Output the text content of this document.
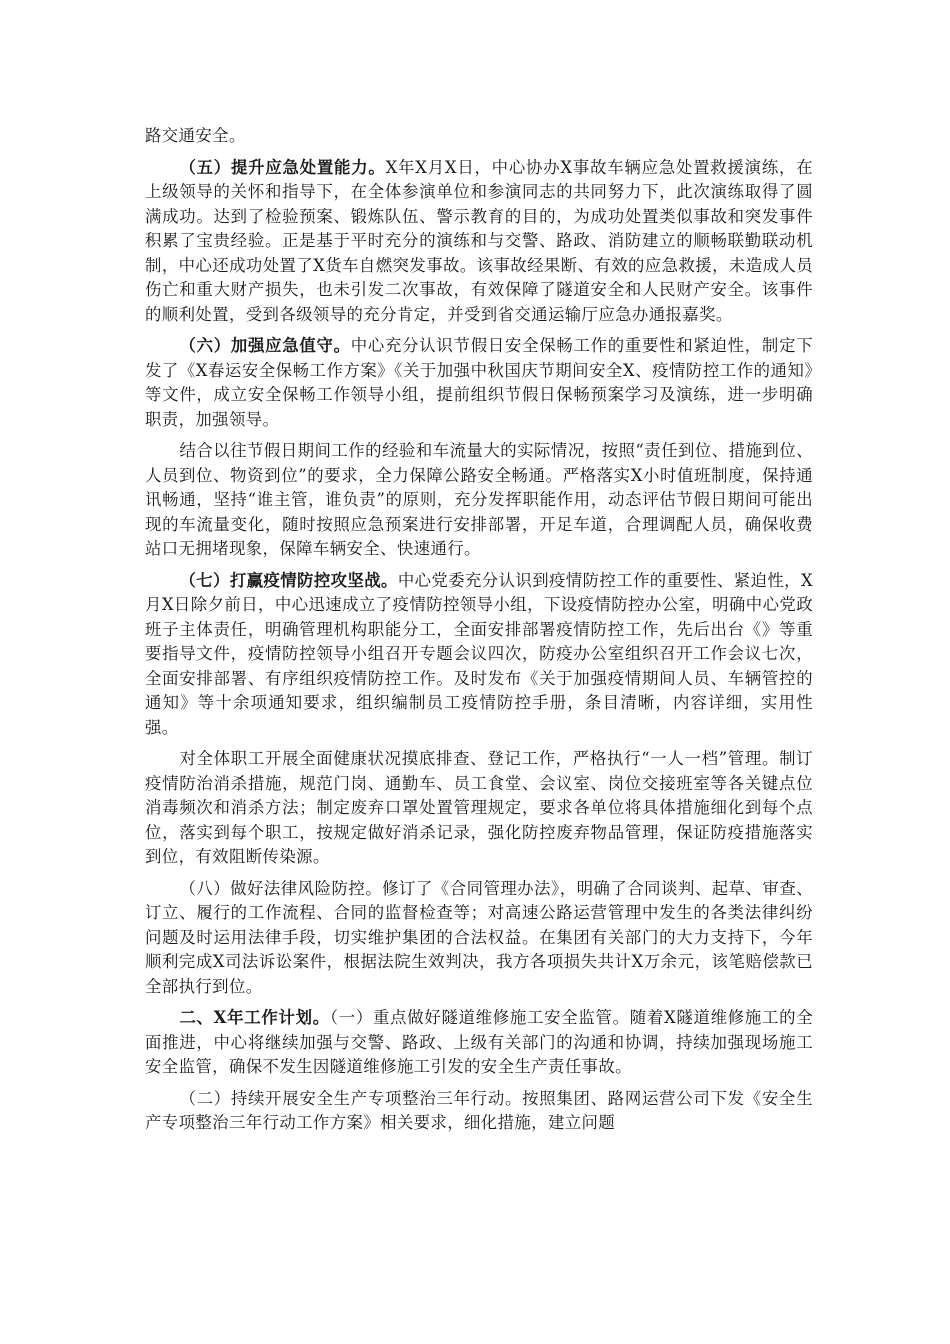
路交通安全。

（五）提升应急处置能力。X年X月X日，中心协办X事故车辆应急处置救援演练，在上级领导的关怀和指导下，在全体参演单位和参演同志的共同努力下，此次演练取得了圆满成功。达到了检验预案、锻炼队伍、警示教育的目的，为成功处置类似事故和突发事件积累了宝贵经验。正是基于平时充分的演练和与交警、路政、消防建立的顺畅联勤联动机制，中心还成功处置了X货车自燃突发事故。该事故经果断、有效的应急救援，未造成人员伤亡和重大财产损失，也未引发二次事故，有效保障了隧道安全和人民财产安全。该事件的顺利处置，受到各级领导的充分肯定，并受到省交通运输厅应急办通报嘉奖。

（六）加强应急值守。中心充分认识节假日安全保畅工作的重要性和紧迫性，制定下发了《X春运安全保畅工作方案》《关于加强中秋国庆节期间安全X、疫情防控工作的通知》等文件，成立安全保畅工作领导小组，提前组织节假日保畅预案学习及演练，进一步明确职责，加强领导。

结合以往节假日期间工作的经验和车流量大的实际情况，按照“责任到位、措施到位、人员到位、物资到位”的要求，全力保障公路安全畅通。严格落实X小时值班制度，保持通讯畅通，坚持“谁主管，谁负责”的原则，充分发挥职能作用，动态评估节假日期间可能出现的车流量变化，随时按照应急预案进行安排部署，开足车道，合理调配人员，确保收费站口无拥堵现象，保障车辆安全、快速通行。

（七）打赢疫情防控攻坚战。中心党委充分认识到疫情防控工作的重要性、紧迫性，X月X日除夕前日，中心迅速成立了疫情防控领导小组，下设疫情防控办公室，明确中心党政班子主体责任，明确管理机构职能分工，全面安排部署疫情防控工作，先后出台《》等重要指导文件，疫情防控领导小组召开专题会议四次，防疫办公室组织召开工作会议七次，全面安排部署、有序组织疫情防控工作。及时发布《关于加强疫情期间人员、车辆管控的通知》等十余项通知要求，组织编制员工疫情防控手册，条目清晰，内容详细，实用性强。

对全体职工开展全面健康状况摸底排查、登记工作，严格执行“一人一档”管理。制订疫情防治消杀措施，规范门岗、通勤车、员工食堂、会议室、岗位交接班室等各关键点位消毒频次和消杀方法；制定废弃口罩处置管理规定，要求各单位将具体措施细化到每个点位，落实到每个职工，按规定做好消杀记录，强化防控废弃物品管理，保证防疫措施落实到位，有效阻断传染源。

（八）做好法律风险防控。修订了《合同管理办法》，明确了合同谈判、起草、审查、订立、履行的工作流程、合同的监督检查等；对高速公路运营管理中发生的各类法律纠纷问题及时运用法律手段，切实维护集团的合法权益。在集团有关部门的大力支持下，今年顺利完成X司法诉讼案件，根据法院生效判决，我方各项损失共计X万余元，该笔赔偿款已全部执行到位。

二、X年工作计划。（一）重点做好隧道维修施工安全监管。随着X隧道维修施工的全面推进，中心将继续加强与交警、路政、上级有关部门的沟通和协调，持续加强现场施工安全监管，确保不发生因隧道维修施工引发的安全生产责任事故。

（二）持续开展安全生产专项整治三年行动。按照集团、路网运营公司下发《安全生产专项整治三年行动工作方案》相关要求，细化措施，建立问题
